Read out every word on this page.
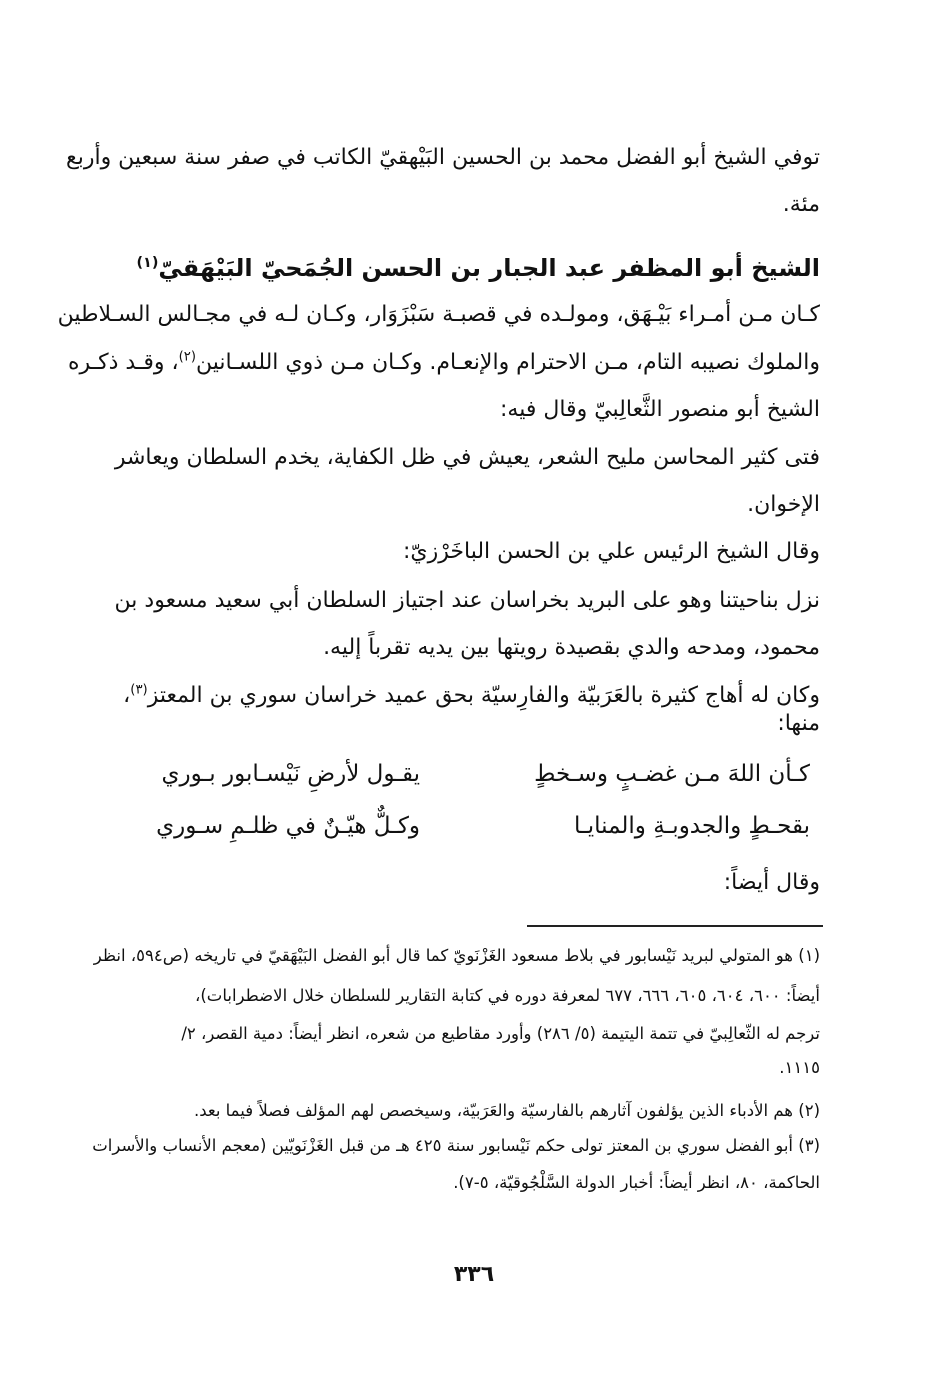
توفي الشيخ أبو الفضل محمد بن الحسين البَيْهقيّ الكاتب في صفر سنة سبعين وأربع
مئة.
الشيخ أبو المظفر عبد الجبار بن الحسن الجُمَحيّ البَيْهَقيّ$^{(١)}$
كـان مـن أمـراء بَيْـهَق، ومولـده في قصبـة سَبْزَوَار، وكـان لـه في مجـالس السـلاطين
والملوك نصيبه التام، مـن الاحترام والإنعـام. وكـان مـن ذوي اللسـانين$^{(٢)}$، وقـد ذكـره
الشيخ أبو منصور الثَّعالِبيّ وقال فيه:
فتى كثير المحاسن مليح الشعر، يعيش في ظل الكفاية، يخدم السلطان ويعاشر
الإخوان.
وقال الشيخ الرئيس علي بن الحسن الباخَرْزيّ:
نزل بناحيتنا وهو على البريد بخراسان عند اجتياز السلطان أبي سعيد مسعود بن
محمود، ومدحه والدي بقصيدة رويتها بين يديه تقرباً إليه.
وكان له أهاج كثيرة بالعَرَبيّة والفارِسيّة بحق عميد خراسان سوري بن المعتز$^{(٣)}$،
منها:
كـأن اللهَ مـن غضـبٍ وسـخطٍ
يقـول لأرضِ نَيْسـابور بـوري
بقحـطٍ والجدوبـةِ والمنايـا
وكـلٌّ هيّـنٌ في ظلـمِ سـوري
وقال أيضاً:
(١) هو المتولي لبريد نَيْسابور في بلاط مسعود الغَزْنَويّ كما قال أبو الفضل البَيْهَقيّ في تاريخه (ص٥٩٤، انظر
أيضاً: ٦٠٠، ٦٠٤، ٦٠٥، ٦٦٦، ٦٧٧ لمعرفة دوره في كتابة التقارير للسلطان خلال الاضطرابات)،
ترجم له الثّعالِبيّ في تتمة اليتيمة (٥/ ٢٨٦) وأورد مقاطيع من شعره، انظر أيضاً: دمية القصر، ٢/
١١١٥.
(٢) هم الأدباء الذين يؤلفون آثارهم بالفارسيّة والعَرَبيّة، وسيخصص لهم المؤلف فصلاً فيما بعد.
(٣) أبو الفضل سوري بن المعتز تولى حكم نَيْسابور سنة ٤٢٥ هـ من قبل الغَزْنَويّين (معجم الأنساب والأسرات
الحاكمة، ٨٠، انظر أيضاً: أخبار الدولة السَّلْجُوقيّة، ٥-٧).
٣٣٦
